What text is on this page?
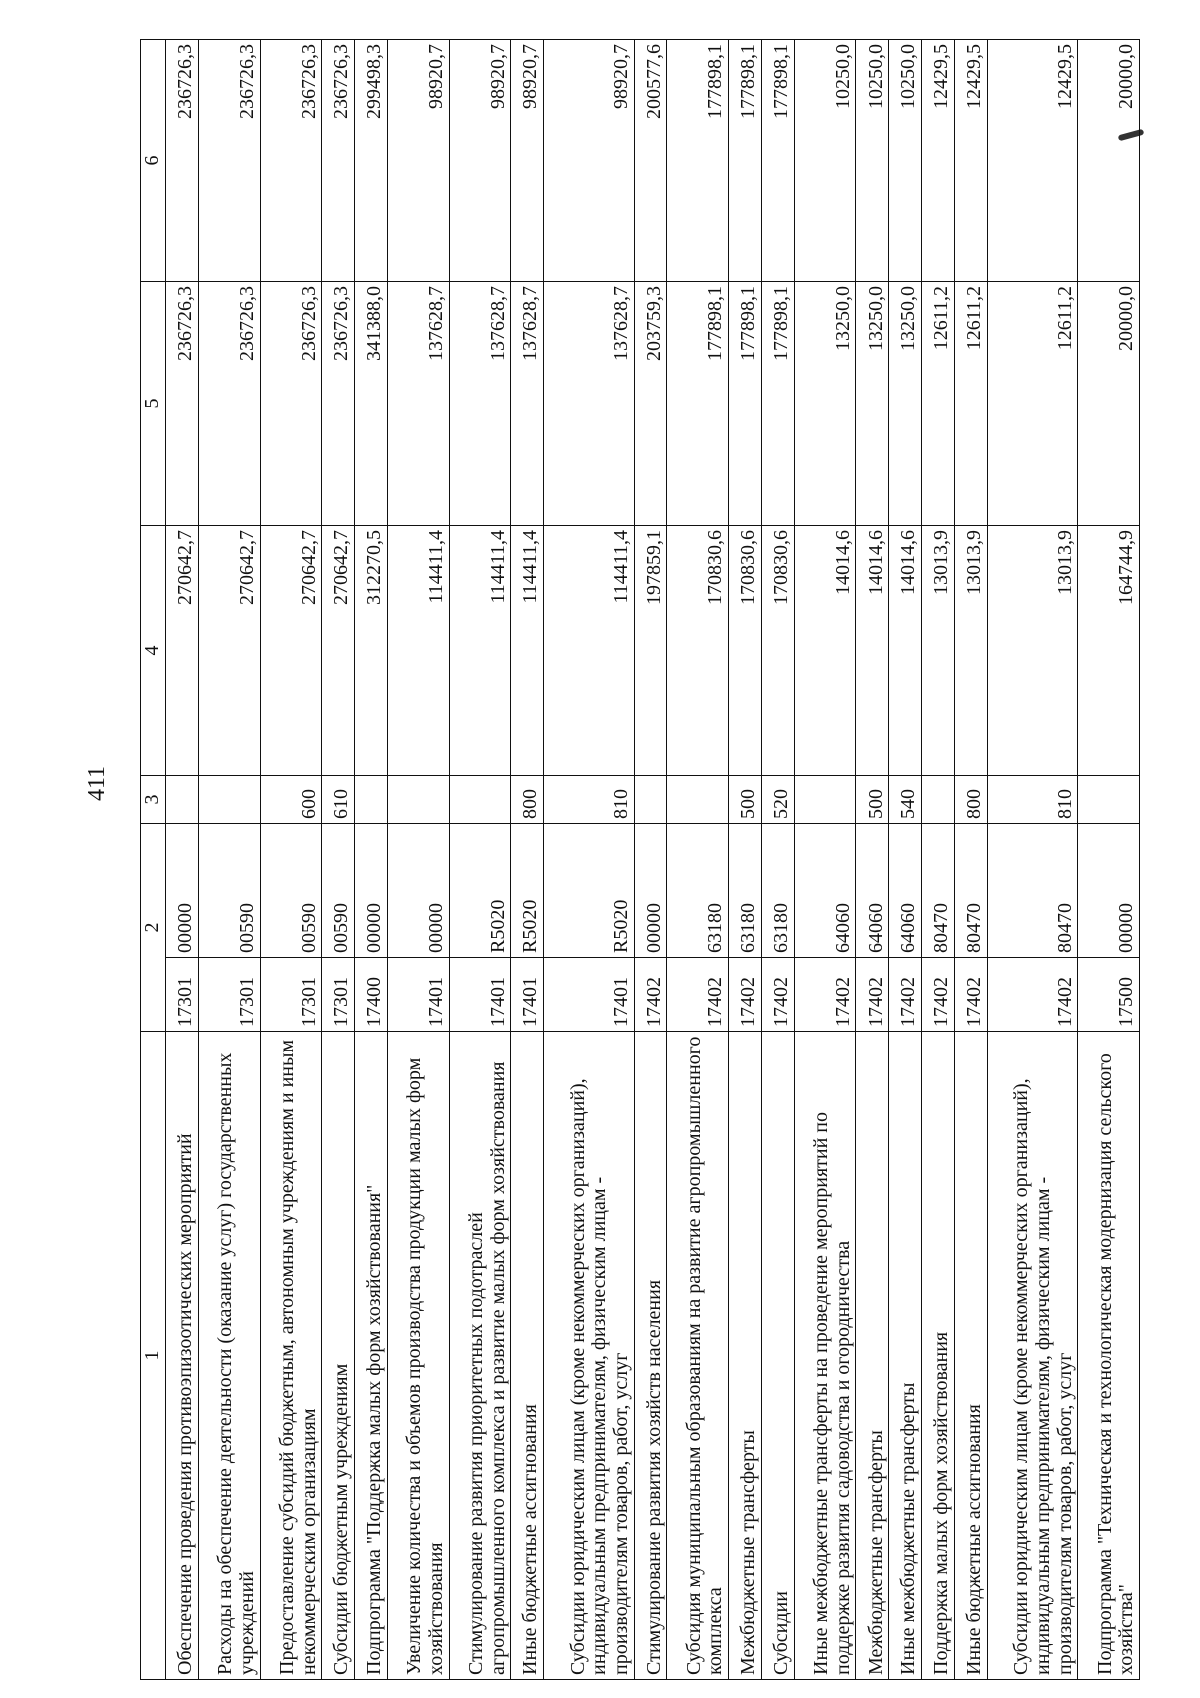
411
1	2		3	4	5	6
Обеспечение проведения противоэпизоотических мероприятий	17301	00000		270642,7	236726,3	236726,3
Расходы на обеспечение деятельности (оказание услуг) государственных учреждений	17301	00590		270642,7	236726,3	236726,3
Предоставление субсидий бюджетным, автономным учреждениям и иным некоммерческим организациям	17301	00590	600	270642,7	236726,3	236726,3
Субсидии бюджетным учреждениям	17301	00590	610	270642,7	236726,3	236726,3
Подпрограмма "Поддержка малых форм хозяйствования"	17400	00000		312270,5	341388,0	299498,3
Увеличение количества и объемов производства продукции малых форм хозяйствования	17401	00000		114411,4	137628,7	98920,7
Стимулирование развития приоритетных подотраслей агропромышленного комплекса и развитие малых форм хозяйствования	17401	R5020		114411,4	137628,7	98920,7
Иные бюджетные ассигнования	17401	R5020	800	114411,4	137628,7	98920,7
Субсидии юридическим лицам (кроме некоммерческих организаций), индивидуальным предпринимателям, физическим лицам - производителям товаров, работ, услуг	17401	R5020	810	114411,4	137628,7	98920,7
Стимулирование развития хозяйств населения	17402	00000		197859,1	203759,3	200577,6
Субсидия муниципальным образованиям на развитие агропромышленного комплекса	17402	63180		170830,6	177898,1	177898,1
Межбюджетные трансферты	17402	63180	500	170830,6	177898,1	177898,1
Субсидии	17402	63180	520	170830,6	177898,1	177898,1
Иные межбюджетные трансферты на проведение мероприятий по поддержке развития садоводства и огородничества	17402	64060		14014,6	13250,0	10250,0
Межбюджетные трансферты	17402	64060	500	14014,6	13250,0	10250,0
Иные межбюджетные трансферты	17402	64060	540	14014,6	13250,0	10250,0
Поддержка малых форм хозяйствования	17402	80470		13013,9	12611,2	12429,5
Иные бюджетные ассигнования	17402	80470	800	13013,9	12611,2	12429,5
Субсидии юридическим лицам (кроме некоммерческих организаций), индивидуальным предпринимателям, физическим лицам - производителям товаров, работ, услуг	17402	80470	810	13013,9	12611,2	12429,5
Подпрограмма "Техническая и технологическая модернизация сельского хозяйства"	17500	00000		164744,9	20000,0	20000,0
